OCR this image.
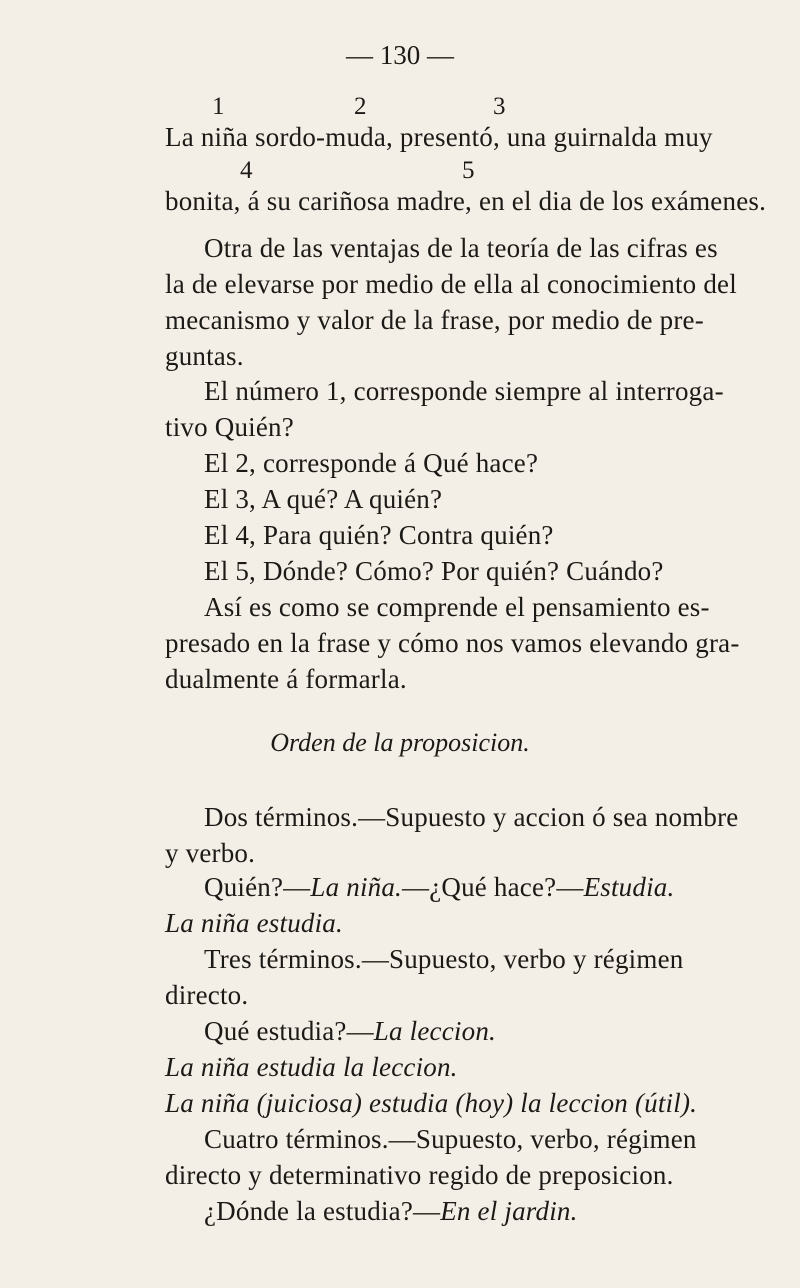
— 130 —
1	2	3
La niña sordo-muda, presentó, una guirnalda muy
4	5
bonita, á su cariñosa madre, en el dia de los exámenes.
Otra de las ventajas de la teoría de las cifras es
la de elevarse por medio de ella al conocimiento del
mecanismo y valor de la frase, por medio de pre-
guntas.
El número 1, corresponde siempre al interroga-
tivo Quién?
El 2, corresponde á Qué hace?
El 3, A qué? A quién?
El 4, Para quién? Contra quién?
El 5, Dónde? Cómo? Por quién? Cuándo?
Así es como se comprende el pensamiento es-
presado en la frase y cómo nos vamos elevando gra-
dualmente á formarla.
Orden de la proposicion.
Dos términos.—Supuesto y accion ó sea nombre
y verbo.
Quién?—La niña.—¿Qué hace?—Estudia.
La niña estudia.
Tres términos.—Supuesto, verbo y régimen
directo.
Qué estudia?—La leccion.
La niña estudia la leccion.
La niña (juiciosa) estudia (hoy) la leccion (útil).
Cuatro términos.—Supuesto, verbo, régimen
directo y determinativo regido de preposicion.
¿Dónde la estudia?—En el jardin.
